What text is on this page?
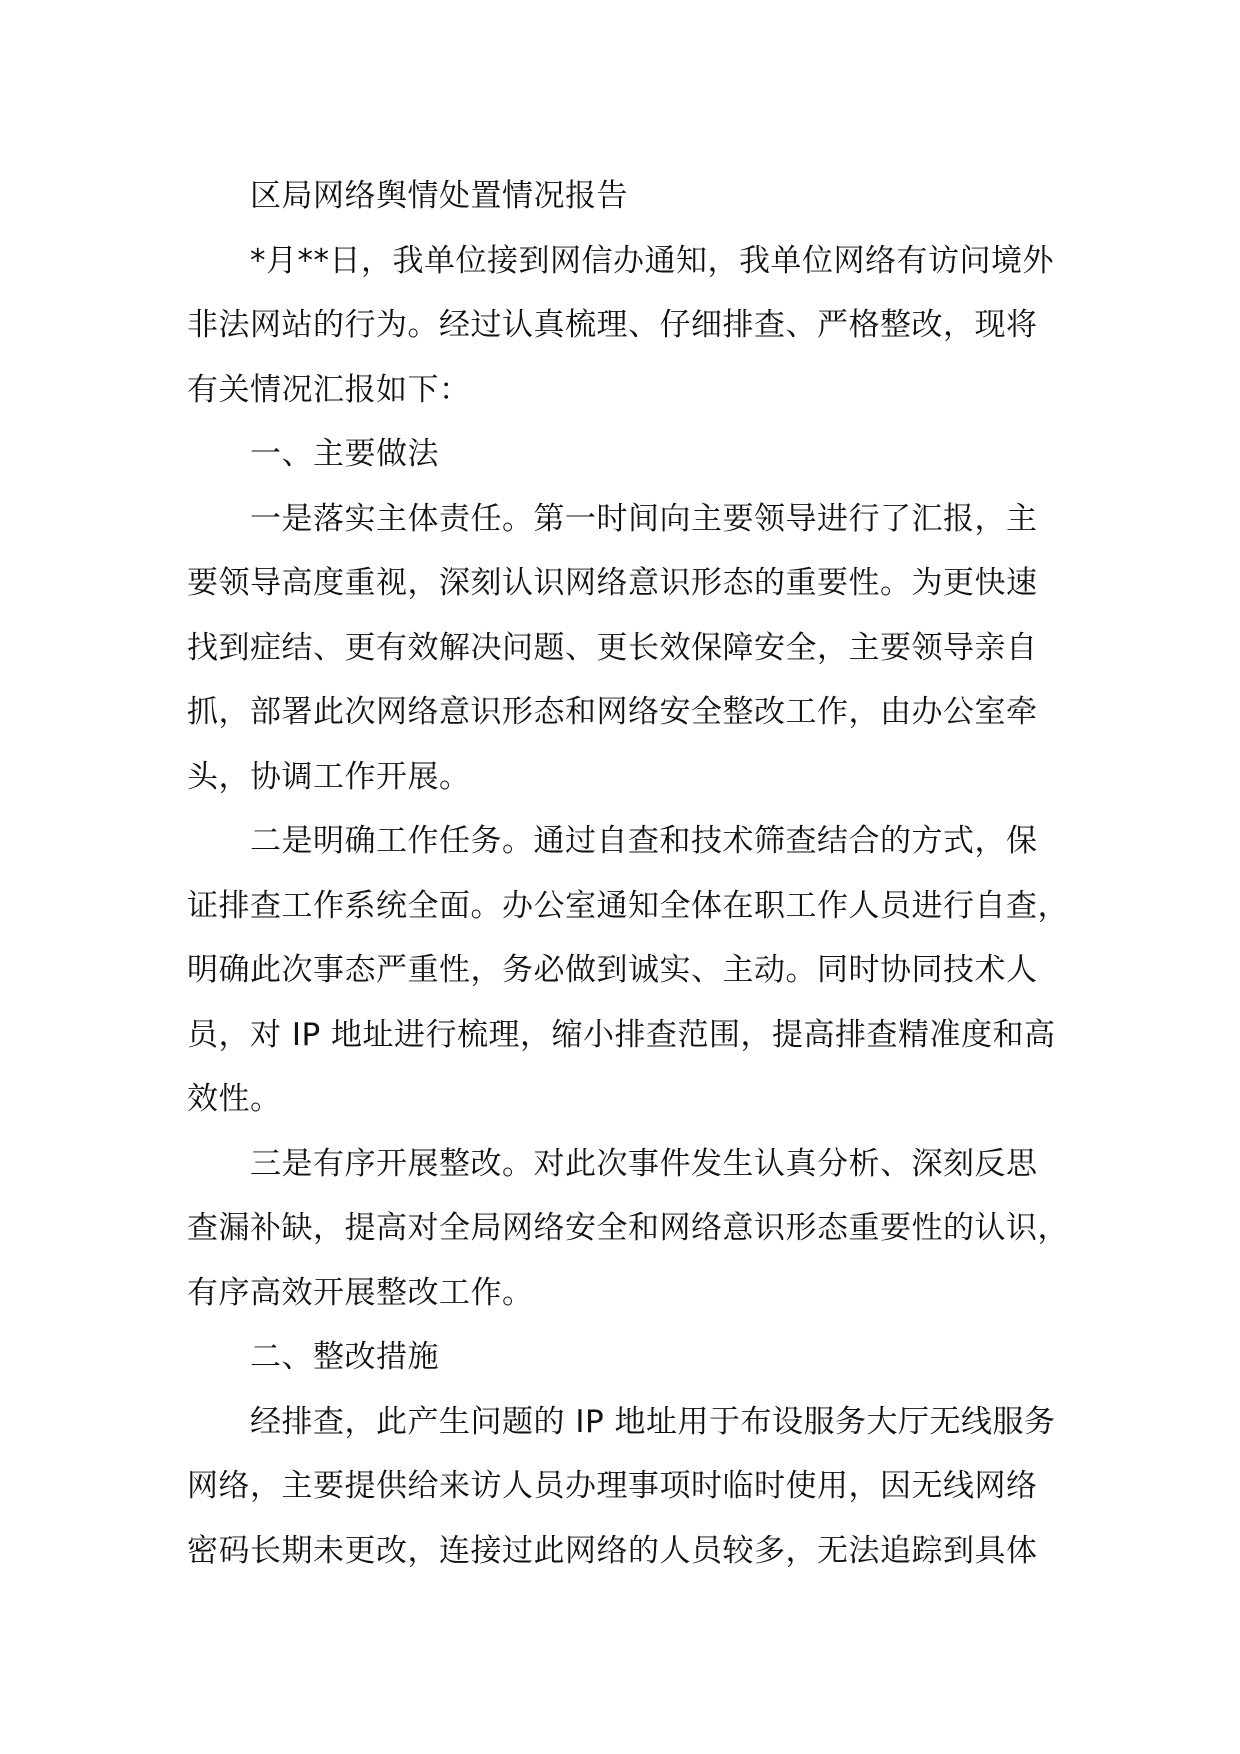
区局网络舆情处置情况报告
*月**日，我单位接到网信办通知，我单位网络有访问境外
非法网站的行为。经过认真梳理、仔细排查、严格整改，现将
有关情况汇报如下：
一、主要做法
一是落实主体责任。第一时间向主要领导进行了汇报，主
要领导高度重视，深刻认识网络意识形态的重要性。为更快速
找到症结、更有效解决问题、更长效保障安全，主要领导亲自
抓，部署此次网络意识形态和网络安全整改工作，由办公室牵
头，协调工作开展。
二是明确工作任务。通过自查和技术筛查结合的方式，保
证排查工作系统全面。办公室通知全体在职工作人员进行自查，
明确此次事态严重性，务必做到诚实、主动。同时协同技术人
员，对 IP 地址进行梳理，缩小排查范围，提高排查精准度和高
效性。
三是有序开展整改。对此次事件发生认真分析、深刻反思
查漏补缺，提高对全局网络安全和网络意识形态重要性的认识，
有序高效开展整改工作。
二、整改措施
经排查，此产生问题的 IP 地址用于布设服务大厅无线服务
网络，主要提供给来访人员办理事项时临时使用，因无线网络
密码长期未更改，连接过此网络的人员较多，无法追踪到具体
